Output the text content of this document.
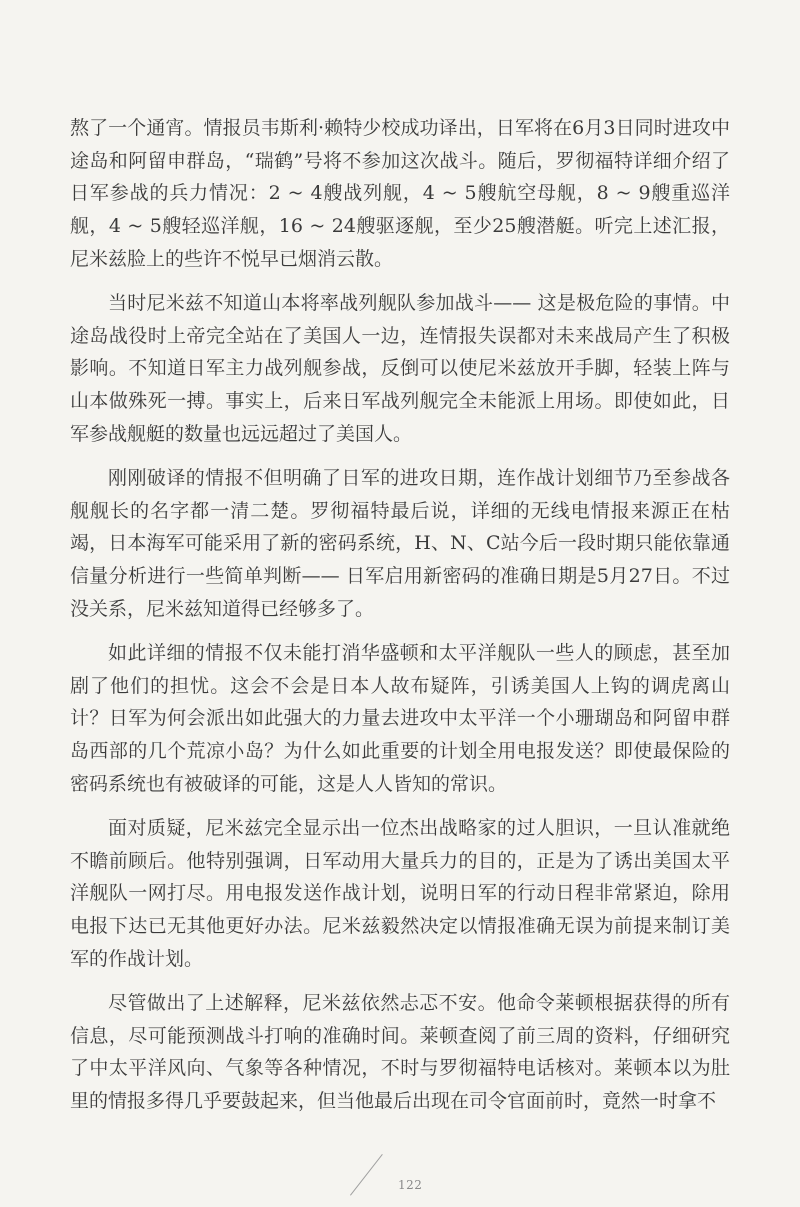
熬了一个通宵。情报员韦斯利·赖特少校成功译出，日军将在6月3日同时进攻中途岛和阿留申群岛，“瑞鹤”号将不参加这次战斗。随后，罗彻福特详细介绍了日军参战的兵力情况：2 ~ 4艘战列舰，4 ~ 5艘航空母舰，8 ~ 9艘重巡洋舰，4 ~ 5艘轻巡洋舰，16 ~ 24艘驱逐舰，至少25艘潜艇。听完上述汇报，尼米兹脸上的些许不悦早已烟消云散。

当时尼米兹不知道山本将率战列舰队参加战斗—— 这是极危险的事情。中途岛战役时上帝完全站在了美国人一边，连情报失误都对未来战局产生了积极影响。不知道日军主力战列舰参战，反倒可以使尼米兹放开手脚，轻装上阵与山本做殊死一搏。事实上，后来日军战列舰完全未能派上用场。即使如此，日军参战舰艇的数量也远远超过了美国人。

刚刚破译的情报不但明确了日军的进攻日期，连作战计划细节乃至参战各舰舰长的名字都一清二楚。罗彻福特最后说，详细的无线电情报来源正在枯竭，日本海军可能采用了新的密码系统，H、N、C站今后一段时期只能依靠通信量分析进行一些简单判断—— 日军启用新密码的准确日期是5月27日。不过没关系，尼米兹知道得已经够多了。

如此详细的情报不仅未能打消华盛顿和太平洋舰队一些人的顾虑，甚至加剧了他们的担忧。这会不会是日本人故布疑阵，引诱美国人上钩的调虎离山计？日军为何会派出如此强大的力量去进攻中太平洋一个小珊瑚岛和阿留申群岛西部的几个荒凉小岛？为什么如此重要的计划全用电报发送？即使最保险的密码系统也有被破译的可能，这是人人皆知的常识。

面对质疑，尼米兹完全显示出一位杰出战略家的过人胆识，一旦认准就绝不瞻前顾后。他特别强调，日军动用大量兵力的目的，正是为了诱出美国太平洋舰队一网打尽。用电报发送作战计划，说明日军的行动日程非常紧迫，除用电报下达已无其他更好办法。尼米兹毅然决定以情报准确无误为前提来制订美军的作战计划。

尽管做出了上述解释，尼米兹依然忐忑不安。他命令莱顿根据获得的所有信息，尽可能预测战斗打响的准确时间。莱顿查阅了前三周的资料，仔细研究了中太平洋风向、气象等各种情况，不时与罗彻福特电话核对。莱顿本以为肚里的情报多得几乎要鼓起来，但当他最后出现在司令官面前时，竟然一时拿不

122
